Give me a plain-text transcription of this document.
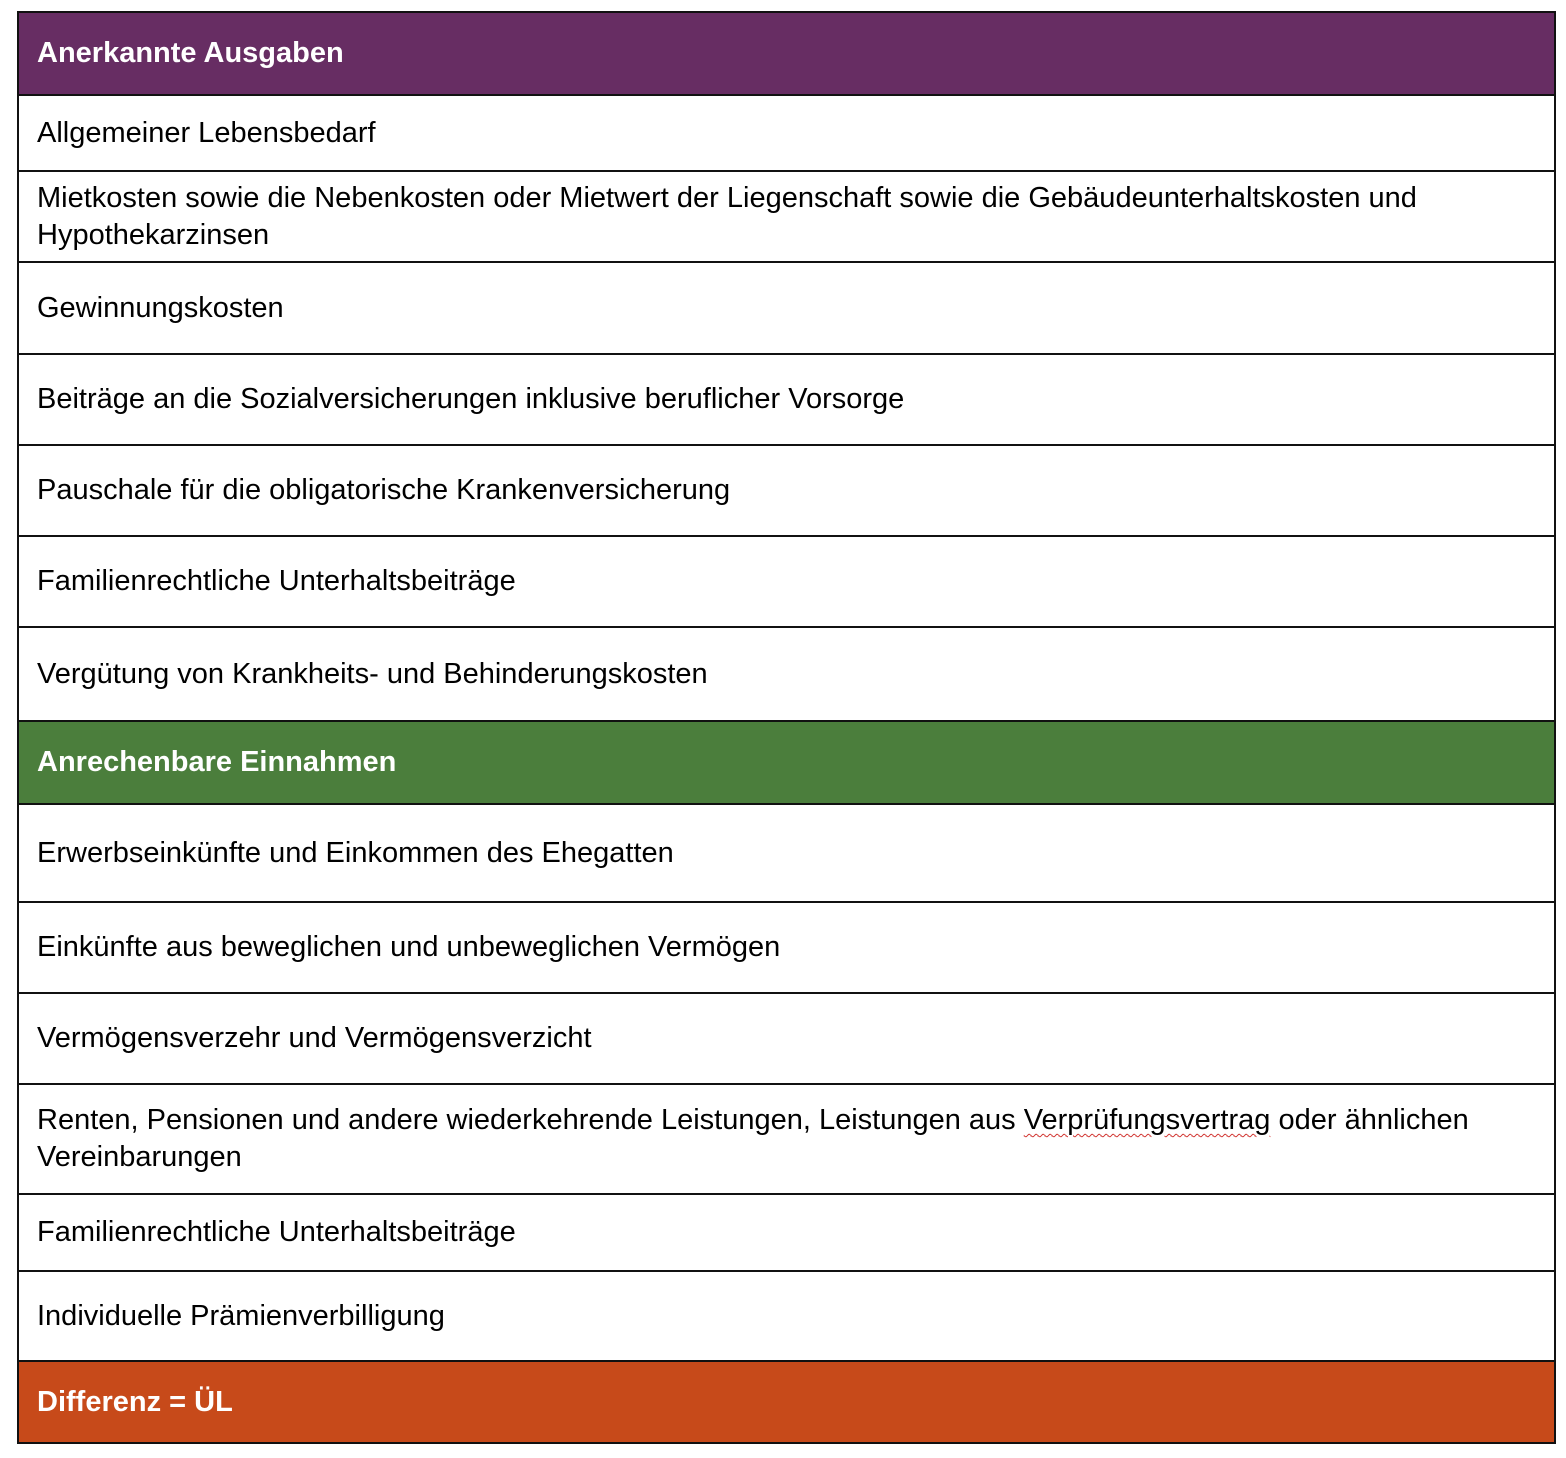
Anerkannte Ausgaben
Allgemeiner Lebensbedarf
Mietkosten sowie die Nebenkosten oder Mietwert der Liegenschaft sowie die Gebäudeunterhaltskosten und Hypothekarzinsen
Gewinnungskosten
Beiträge an die Sozialversicherungen inklusive beruflicher Vorsorge
Pauschale für die obligatorische Krankenversicherung
Familienrechtliche Unterhaltsbeiträge
Vergütung von Krankheits- und Behinderungskosten
Anrechenbare Einnahmen
Erwerbseinkünfte und Einkommen des Ehegatten
Einkünfte aus beweglichen und unbeweglichen Vermögen
Vermögensverzehr und Vermögensverzicht
Renten, Pensionen und andere wiederkehrende Leistungen, Leistungen aus Verprüfungsvertrag oder ähnlichen Vereinbarungen
Familienrechtliche Unterhaltsbeiträge
Individuelle Prämienverbilligung
Differenz = ÜL
